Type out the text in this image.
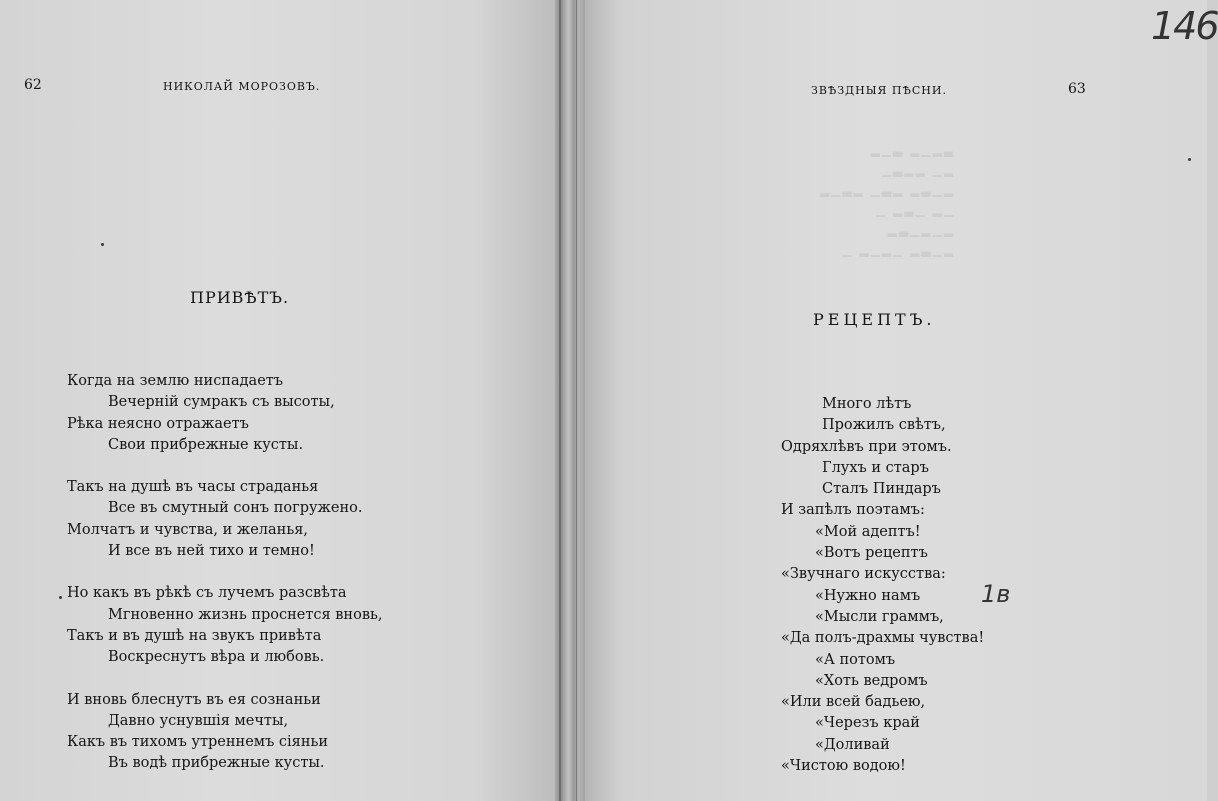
62	НИКОЛАЙ МОРОЗОВЪ.
ПРИВѢТЪ.
Когда на землю ниспадаетъ
Вечерній сумракъ съ высоты,
Рѣка неясно отражаетъ
Свои прибрежные кусты.
Такъ на душѣ въ часы страданья
Все въ смутный сонъ погружено.
Молчатъ и чувства, и желанья,
И все въ ней тихо и темно!
Но какъ въ рѣкѣ съ лучемъ разсвѣта
Мгновенно жизнь проснется вновь,
Такъ и въ душѣ на звукъ привѣта
Воскреснутъ вѣра и любовь.
И вновь блеснутъ въ ея сознаньи
Давно уснувшія мечты,
Какъ въ тихомъ утреннемъ сіяньи
Въ водѣ прибрежные кусты.
ЗВѢЗДНЫЯ ПѢСНИ.	63
146
▂▁▃ ▂▁▂▃
▁▃▂▂ ▁▂
▂▁▃▂ ▁▃▂ ▂▃▁▂
▁ ▂▃▁ ▂▁
▂▃▁▂▁▂
▁ ▂▁▂▁ ▂▃▁▂
РЕЦЕПТЪ.
Много лѣтъ
Прожилъ свѣтъ,
Одряхлѣвъ при этомъ.
Глухъ и старъ
Сталъ Пиндаръ
И запѣлъ поэтамъ:
«Мой адептъ!
«Вотъ рецептъ
«Звучнаго искусства:
«Нужно намъ
«Мысли граммъ,
«Да полъ-драхмы чувства!
«А потомъ
«Хоть ведромъ
«Или всей бадьею,
«Черезъ край
«Доливай
«Чистою водою!
1в
